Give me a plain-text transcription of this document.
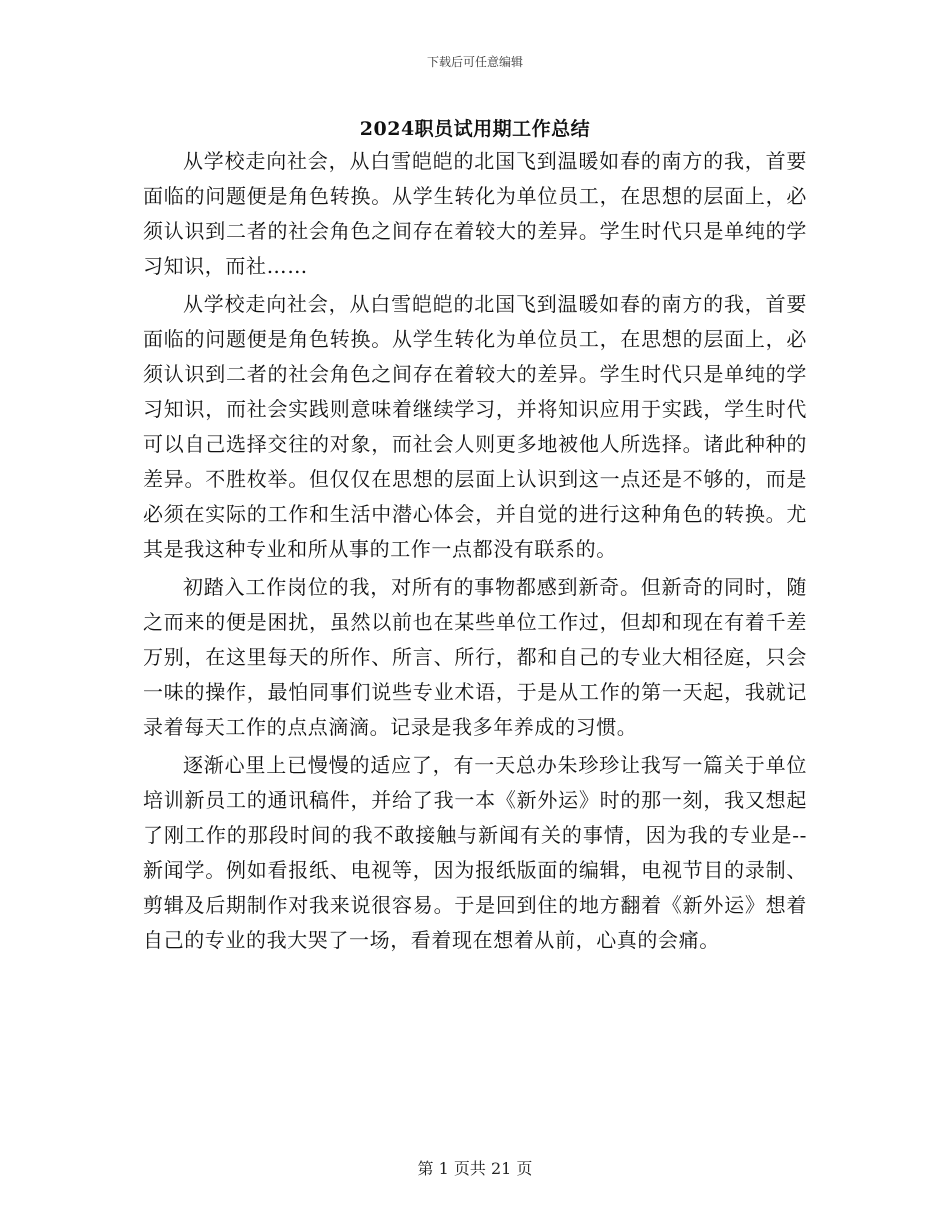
下载后可任意编辑
2024职员试用期工作总结

从学校走向社会，从白雪皑皑的北国飞到温暖如春的南方的我，首要面临的问题便是角色转换。从学生转化为单位员工，在思想的层面上，必须认识到二者的社会角色之间存在着较大的差异。学生时代只是单纯的学习知识，而社……

从学校走向社会，从白雪皑皑的北国飞到温暖如春的南方的我，首要面临的问题便是角色转换。从学生转化为单位员工，在思想的层面上，必须认识到二者的社会角色之间存在着较大的差异。学生时代只是单纯的学习知识，而社会实践则意味着继续学习，并将知识应用于实践，学生时代可以自己选择交往的对象，而社会人则更多地被他人所选择。诸此种种的差异。不胜枚举。但仅仅在思想的层面上认识到这一点还是不够的，而是必须在实际的工作和生活中潜心体会，并自觉的进行这种角色的转换。尤其是我这种专业和所从事的工作一点都没有联系的。

初踏入工作岗位的我，对所有的事物都感到新奇。但新奇的同时，随之而来的便是困扰，虽然以前也在某些单位工作过，但却和现在有着千差万别，在这里每天的所作、所言、所行，都和自己的专业大相径庭，只会一味的操作，最怕同事们说些专业术语，于是从工作的第一天起，我就记录着每天工作的点点滴滴。记录是我多年养成的习惯。

逐渐心里上已慢慢的适应了，有一天总办朱珍珍让我写一篇关于单位培训新员工的通讯稿件，并给了我一本《新外运》时的那一刻，我又想起了刚工作的那段时间的我不敢接触与新闻有关的事情，因为我的专业是--新闻学。例如看报纸、电视等，因为报纸版面的编辑，电视节目的录制、剪辑及后期制作对我来说很容易。于是回到住的地方翻着《新外运》想着自己的专业的我大哭了一场，看着现在想着从前，心真的会痛。

第 1 页共 21 页
